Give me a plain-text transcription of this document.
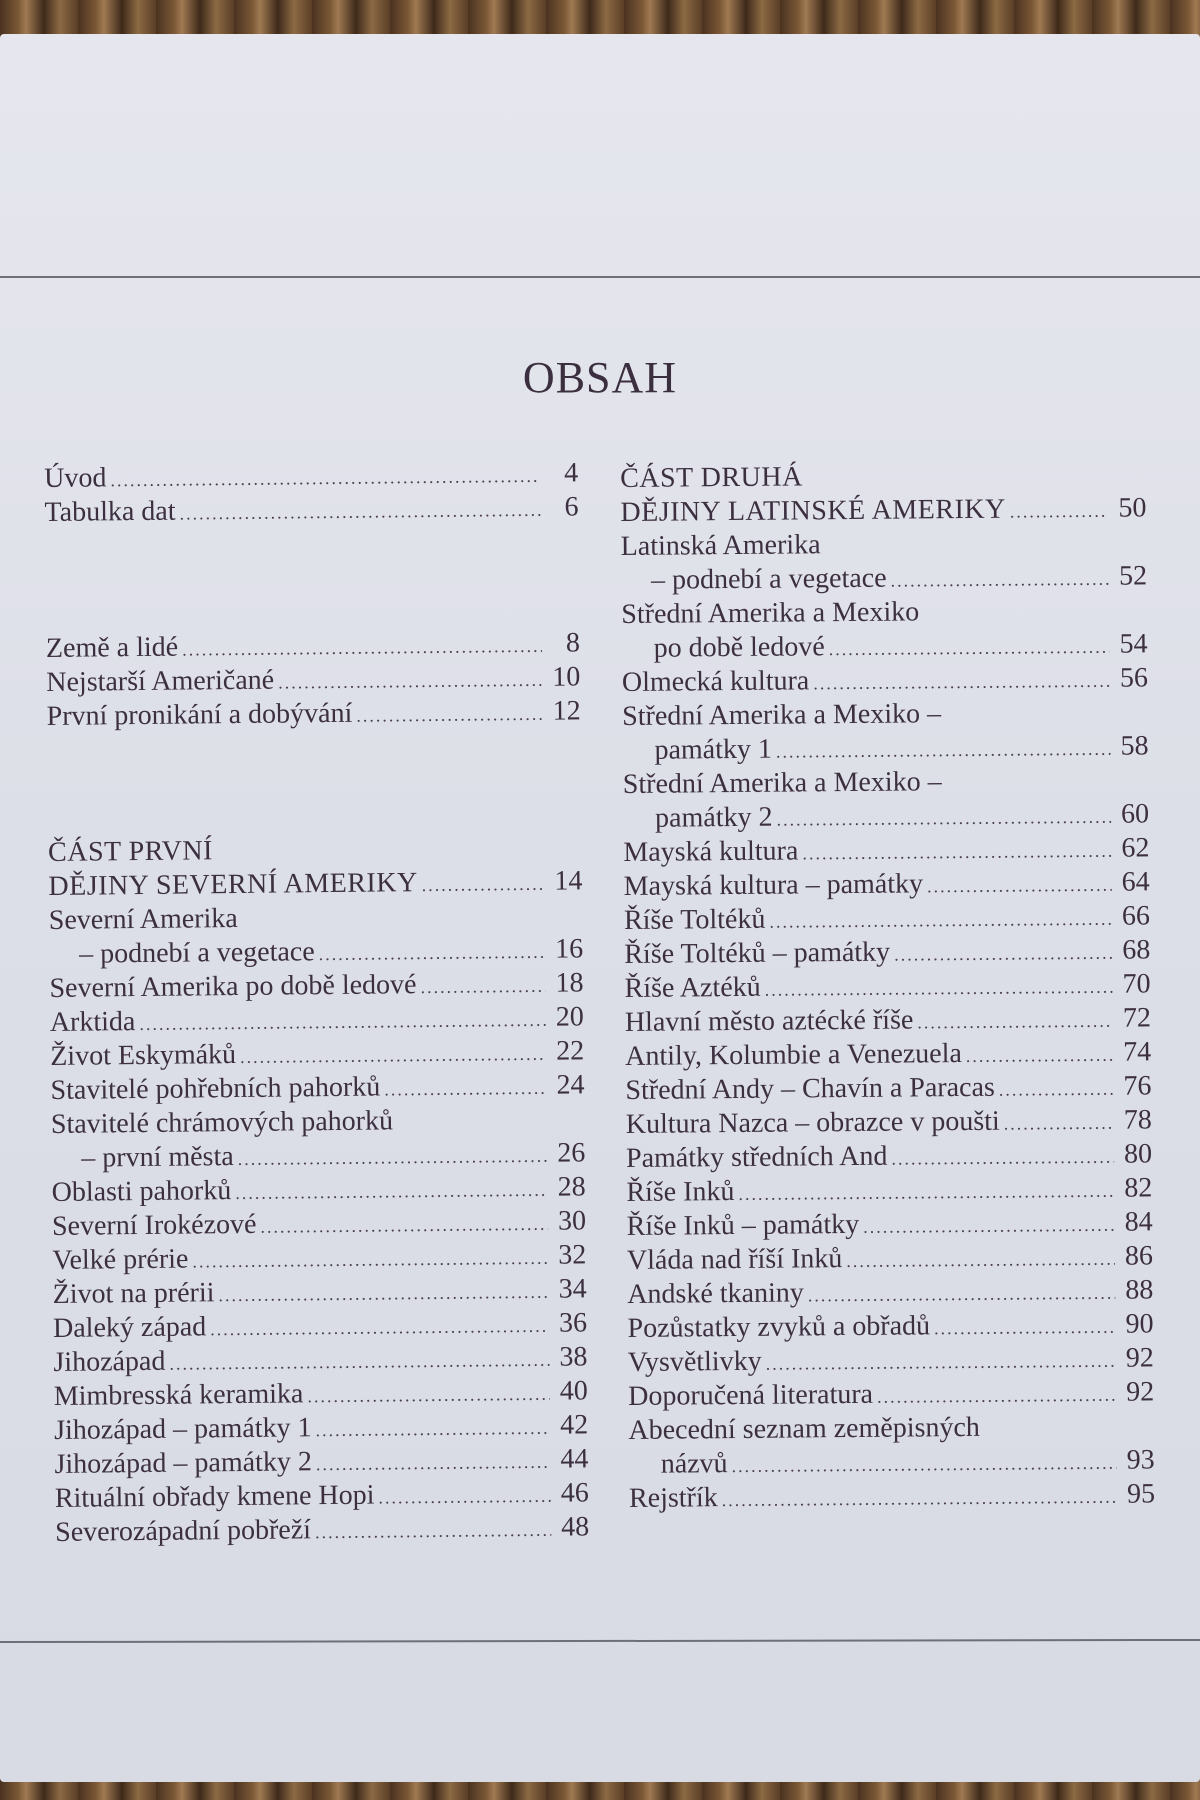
OBSAH
Úvod .....	4
Tabulka dat .....	6
Země a lidé .....	8
Nejstarší Američané .....	10
První pronikání a dobývání .....	12
ČÁST PRVNÍ
DĚJINY SEVERNÍ AMERIKY .....	14
Severní Amerika
– podnebí a vegetace .....	16
Severní Amerika po době ledové .....	18
Arktida .....	20
Život Eskymáků .....	22
Stavitelé pohřebních pahorků .....	24
Stavitelé chrámových pahorků
– první města .....	26
Oblasti pahorků .....	28
Severní Irokézové .....	30
Velké prérie .....	32
Život na prérii .....	34
Daleký západ .....	36
Jihozápad .....	38
Mimbresská keramika .....	40
Jihozápad – památky 1 .....	42
Jihozápad – památky 2 .....	44
Rituální obřady kmene Hopi .....	46
Severozápadní pobřeží .....	48
ČÁST DRUHÁ
DĚJINY LATINSKÉ AMERIKY .....	50
Latinská Amerika
– podnebí a vegetace .....	52
Střední Amerika a Mexiko
po době ledové .....	54
Olmecká kultura .....	56
Střední Amerika a Mexiko –
památky 1 .....	58
Střední Amerika a Mexiko –
památky 2 .....	60
Mayská kultura .....	62
Mayská kultura – památky .....	64
Říše Toltéků .....	66
Říše Toltéků – památky .....	68
Říše Aztéků .....	70
Hlavní město aztécké říše .....	72
Antily, Kolumbie a Venezuela .....	74
Střední Andy – Chavín a Paracas .....	76
Kultura Nazca – obrazce v poušti .....	78
Památky středních And .....	80
Říše Inků .....	82
Říše Inků – památky .....	84
Vláda nad říší Inků .....	86
Andské tkaniny .....	88
Pozůstatky zvyků a obřadů .....	90
Vysvětlivky .....	92
Doporučená literatura .....	92
Abecední seznam zeměpisných
názvů .....	93
Rejstřík .....	95
